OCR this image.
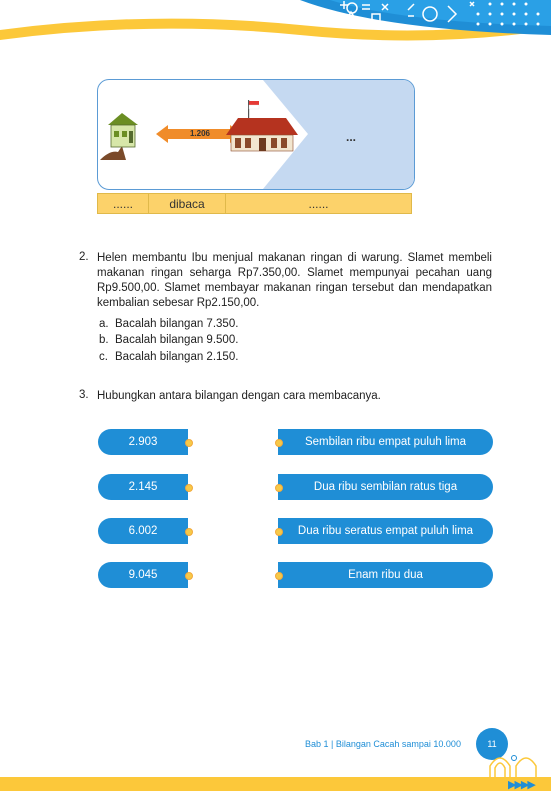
1.206	...
......	dibaca	......
2. Helen membantu Ibu menjual makanan ringan di warung. Slamet membeli
makanan ringan seharga Rp7.350,00. Slamet mempunyai pecahan uang
Rp9.500,00. Slamet membayar makanan ringan tersebut dan mendapatkan
kembalian sebesar Rp2.150,00.
a. Bacalah bilangan 7.350.
b. Bacalah bilangan 9.500.
c. Bacalah bilangan 2.150.
3. Hubungkan antara bilangan dengan cara membacanya.
2.903
2.145
6.002
9.045
Sembilan ribu empat puluh lima
Dua ribu sembilan ratus tiga
Dua ribu seratus empat puluh lima
Enam ribu dua
Bab 1 | Bilangan Cacah sampai 10.000	11
▶▶▶▶
